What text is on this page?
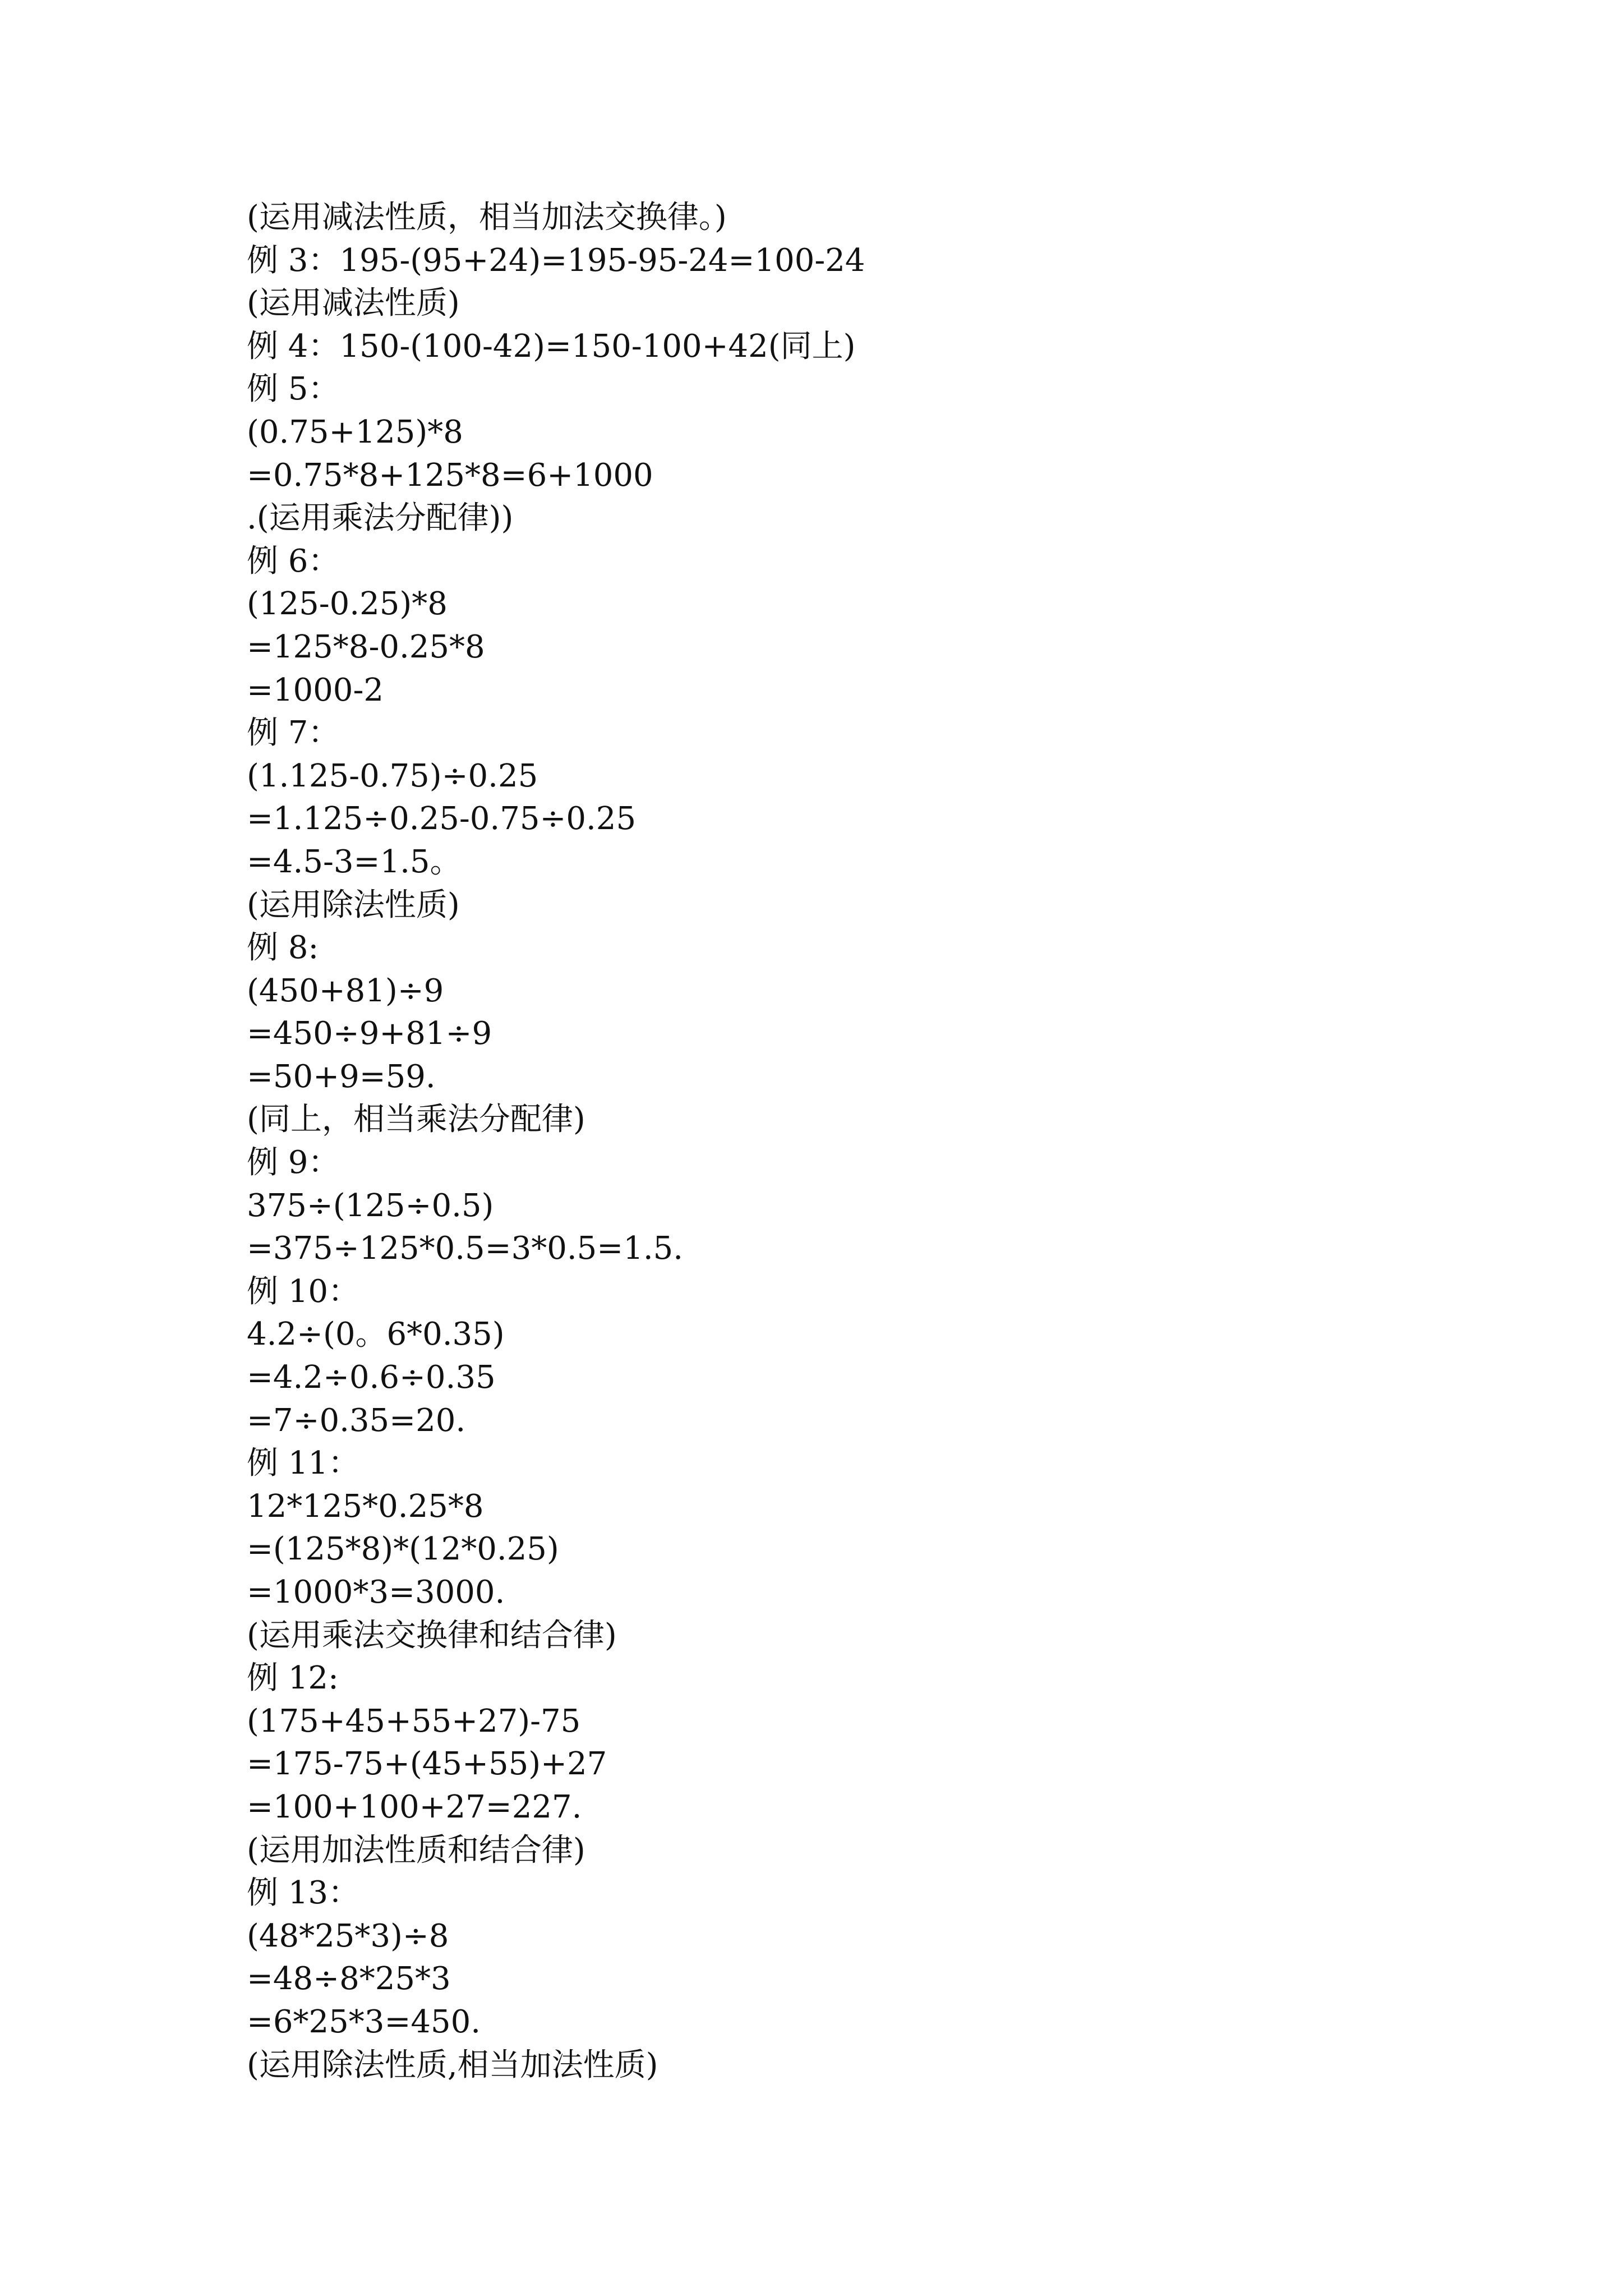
(运用减法性质，相当加法交换律。)

例 3：195-(95+24)=195-95-24=100-24

(运用减法性质)

例 4：150-(100-42)=150-100+42(同上)

例 5：

(0.75+125)*8

=0.75*8+125*8=6+1000

.(运用乘法分配律))

例 6：

(125-0.25)*8

=125*8-0.25*8

=1000-2

例 7：

(1.125-0.75)÷0.25

=1.125÷0.25-0.75÷0.25

=4.5-3=1.5。

(运用除法性质)

例 8:

(450+81)÷9

=450÷9+81÷9

=50+9=59.

(同上，相当乘法分配律)

例 9：

375÷(125÷0.5)

=375÷125*0.5=3*0.5=1.5.

例 10：

4.2÷(0。6*0.35)

=4.2÷0.6÷0.35

=7÷0.35=20.

例 11：

12*125*0.25*8

=(125*8)*(12*0.25)

=1000*3=3000.

(运用乘法交换律和结合律)

例 12:

(175+45+55+27)-75

=175-75+(45+55)+27

=100+100+27=227.

(运用加法性质和结合律)

例 13：

(48*25*3)÷8

=48÷8*25*3

=6*25*3=450.

(运用除法性质,相当加法性质)
